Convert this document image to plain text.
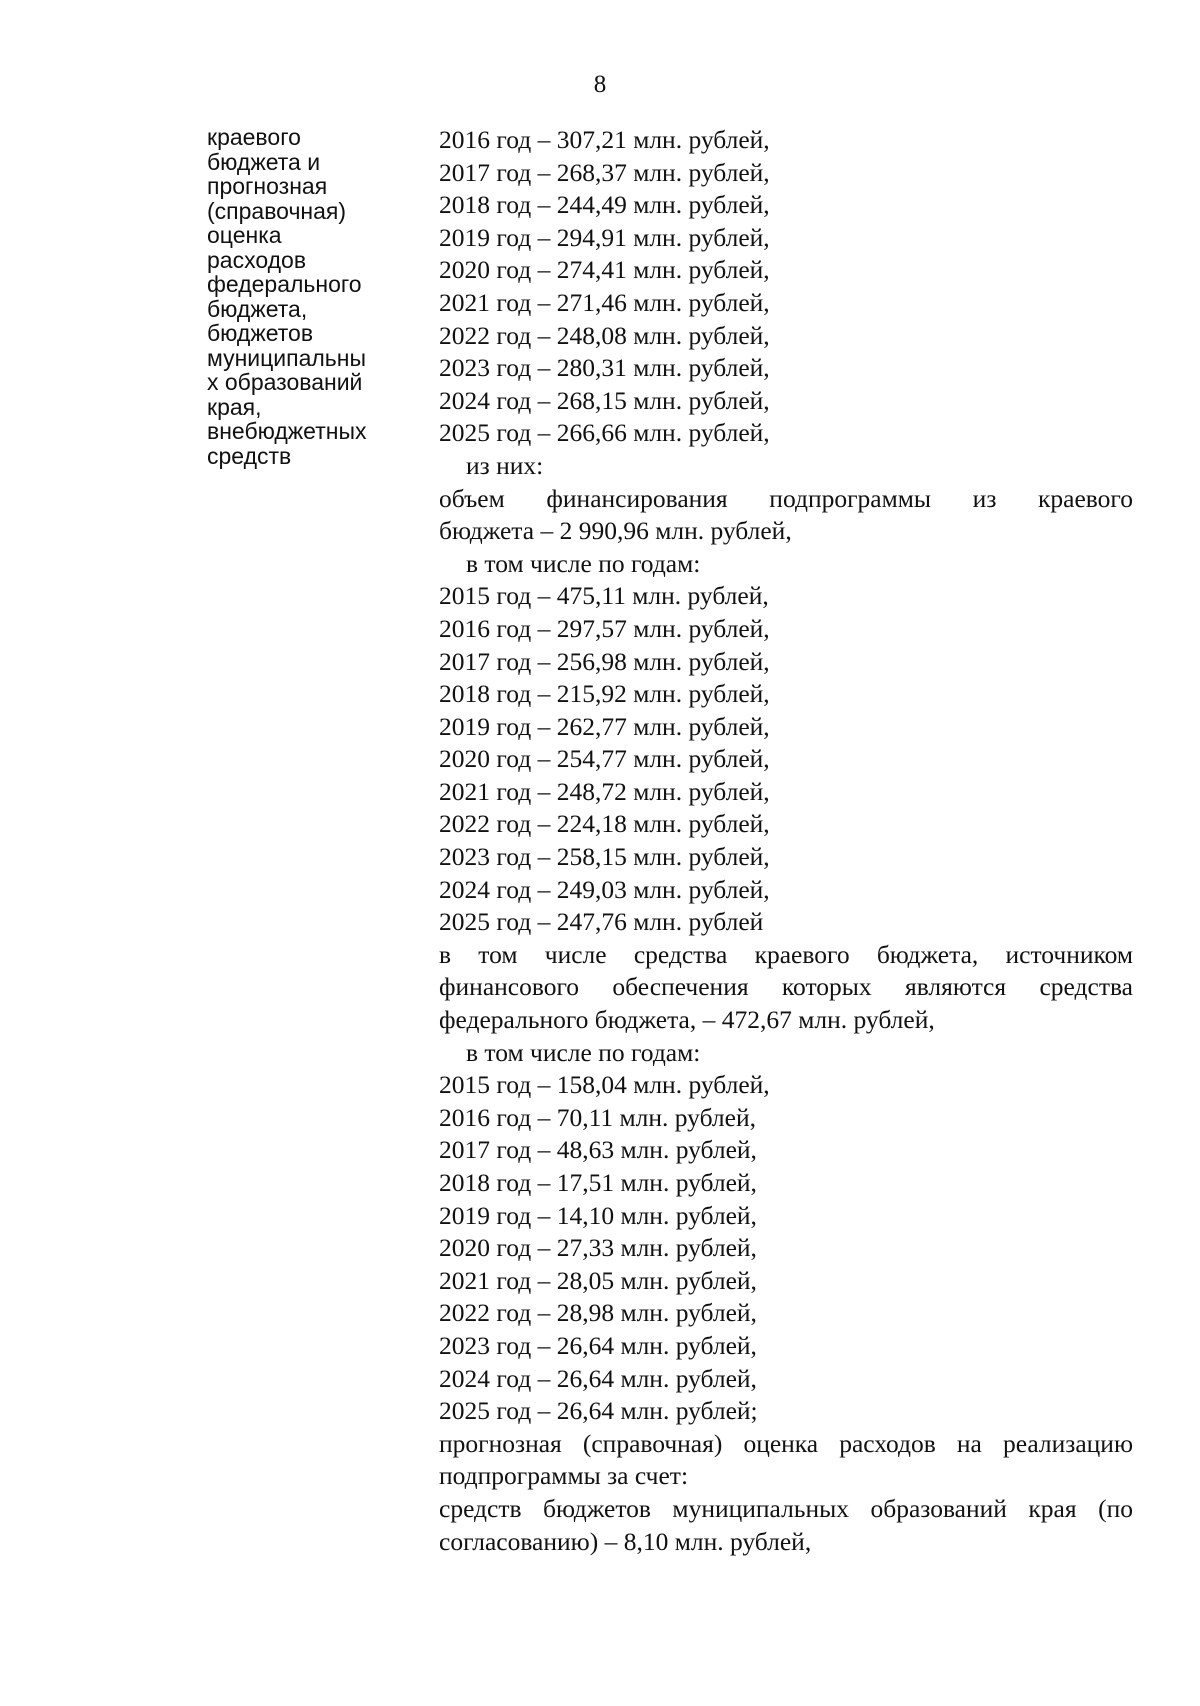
8
краевого
бюджета и
прогнозная
(справочная)
оценка
расходов
федерального
бюджета,
бюджетов
муниципальны
х образований
края,
внебюджетных
средств
2016 год – 307,21 млн. рублей,
2017 год – 268,37 млн. рублей,
2018 год – 244,49 млн. рублей,
2019 год – 294,91 млн. рублей,
2020 год – 274,41 млн. рублей,
2021 год – 271,46 млн. рублей,
2022 год – 248,08 млн. рублей,
2023 год – 280,31 млн. рублей,
2024 год – 268,15 млн. рублей,
2025 год – 266,66 млн. рублей,
из них:
объем финансирования подпрограммы из краевого
бюджета – 2 990,96 млн. рублей,
в том числе по годам:
2015 год – 475,11 млн. рублей,
2016 год – 297,57 млн. рублей,
2017 год – 256,98 млн. рублей,
2018 год – 215,92 млн. рублей,
2019 год – 262,77 млн. рублей,
2020 год – 254,77 млн. рублей,
2021 год – 248,72 млн. рублей,
2022 год – 224,18 млн. рублей,
2023 год – 258,15 млн. рублей,
2024 год – 249,03 млн. рублей,
2025 год – 247,76 млн. рублей
в том числе средства краевого бюджета, источником
финансового обеспечения которых являются средства
федерального бюджета, – 472,67 млн. рублей,
в том числе по годам:
2015 год – 158,04 млн. рублей,
2016 год – 70,11 млн. рублей,
2017 год – 48,63 млн. рублей,
2018 год – 17,51 млн. рублей,
2019 год – 14,10 млн. рублей,
2020 год – 27,33 млн. рублей,
2021 год – 28,05 млн. рублей,
2022 год – 28,98 млн. рублей,
2023 год – 26,64 млн. рублей,
2024 год – 26,64 млн. рублей,
2025 год – 26,64 млн. рублей;
прогнозная (справочная) оценка расходов на реализацию
подпрограммы за счет:
средств бюджетов муниципальных образований края (по
согласованию) – 8,10 млн. рублей,
